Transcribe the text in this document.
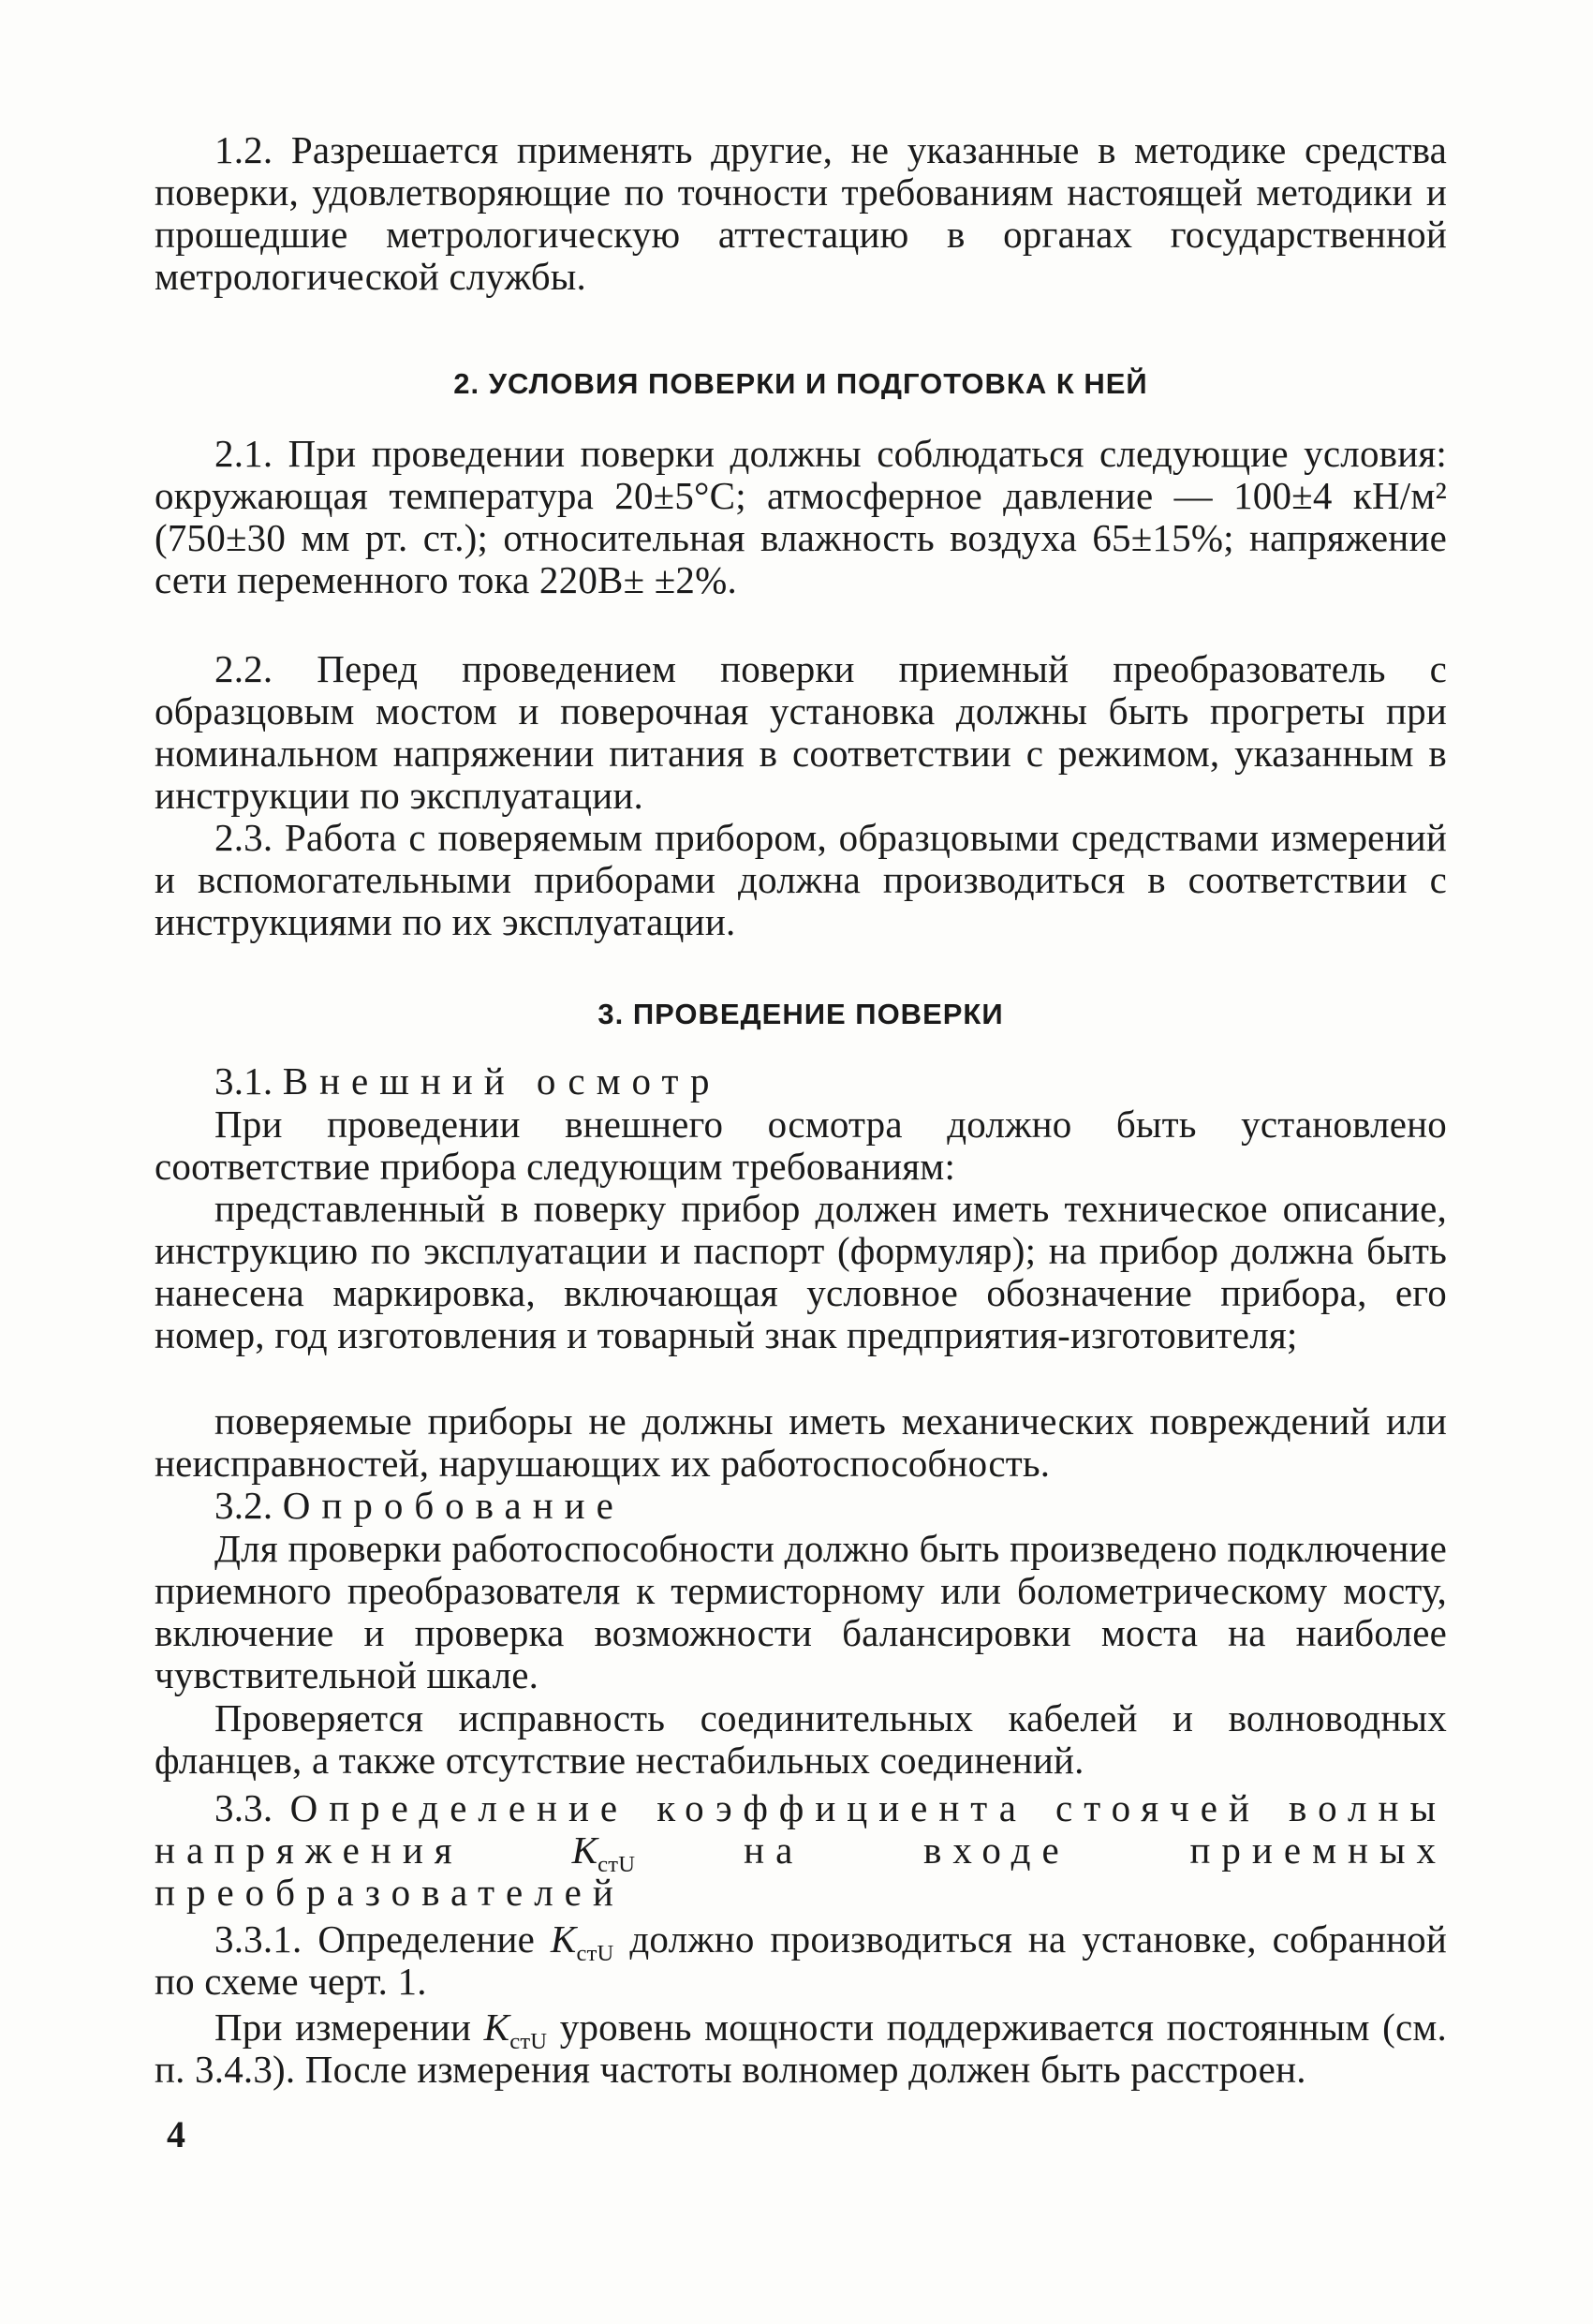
1.2. Разрешается применять другие, не указанные в методике средства поверки, удовлетворяющие по точности требованиям настоящей методики и прошедшие метрологическую аттестацию в органах государственной метрологической службы.

2. УСЛОВИЯ ПОВЕРКИ И ПОДГОТОВКА К НЕЙ

2.1. При проведении поверки должны соблюдаться следующие условия: окружающая температура 20±5°С; атмосферное давление — 100±4 кН/м² (750±30 мм рт. ст.); относительная влажность воздуха 65±15%; напряжение сети переменного тока 220В± ±2%.

2.2. Перед проведением поверки приемный преобразователь с образцовым мостом и поверочная установка должны быть прогреты при номинальном напряжении питания в соответствии с режимом, указанным в инструкции по эксплуатации.

2.3. Работа с поверяемым прибором, образцовыми средствами измерений и вспомогательными приборами должна производиться в соответствии с инструкциями по их эксплуатации.

3. ПРОВЕДЕНИЕ ПОВЕРКИ

3.1. Внешний осмотр

При проведении внешнего осмотра должно быть установлено соответствие прибора следующим требованиям:

представленный в поверку прибор должен иметь техническое описание, инструкцию по эксплуатации и паспорт (формуляр); на прибор должна быть нанесена маркировка, включающая условное обозначение прибора, его номер, год изготовления и товарный знак предприятия-изготовителя;

поверяемые приборы не должны иметь механических повреждений или неисправностей, нарушающих их работоспособность.

3.2. Опробование

Для проверки работоспособности должно быть произведено подключение приемного преобразователя к термисторному или болометрическому мосту, включение и проверка возможности балансировки моста на наиболее чувствительной шкале.

Проверяется исправность соединительных кабелей и волноводных фланцев, а также отсутствие нестабильных соединений.

3.3. Определение коэффициента стоячей волны напряжения	$K_{стU}$	на входе приемных преобразователей

3.3.1. Определение $K_{стU}$ должно производиться на установке, собранной по схеме черт. 1.

При измерении $K_{стU}$ уровень мощности поддерживается постоянным (см. п. 3.4.3). После измерения частоты волномер должен быть расстроен.

4
